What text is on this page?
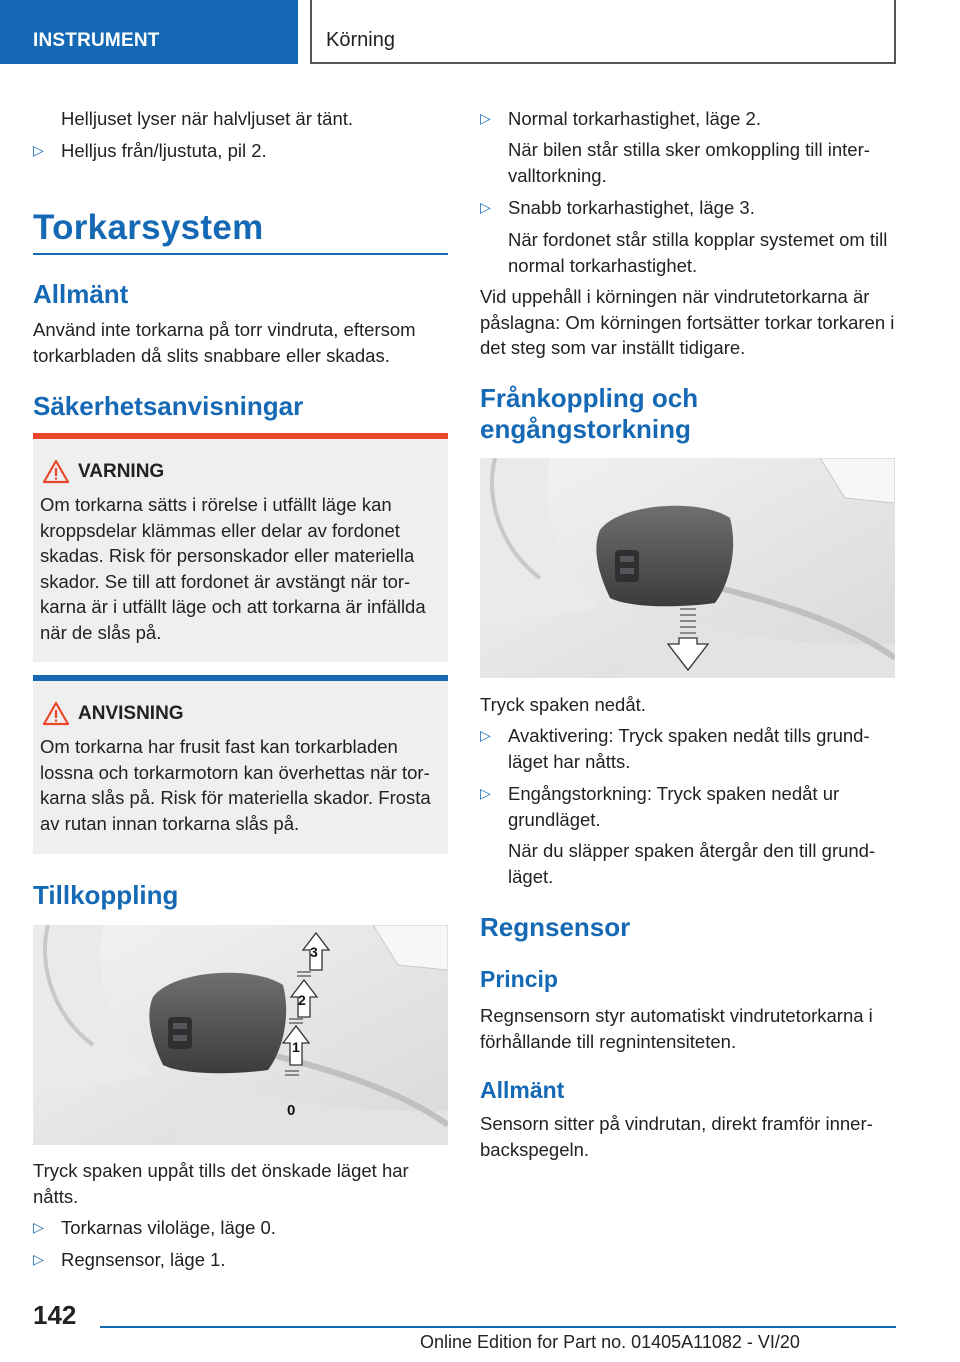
INSTRUMENT	Körning

Helljuset lyser när halvljuset är tänt.

▷ Helljus från/ljustuta, pil 2.
Torkarsystem
Allmänt

Använd inte torkarna på torr vindruta, eftersom torkarbladen då slits snabbare eller skadas.

Säkerhetsanvisningar
VARNING
Om torkarna sätts i rörelse i utfällt läge kan kroppsdelar klämmas eller delar av fordonet skadas. Risk för personskador eller materiella skador. Se till att fordonet är avstängt när torkarna är i utfällt läge och att torkarna är infällda när de slås på.
ANVISNING
Om torkarna har frusit fast kan torkarbladen lossna och torkarmotorn kan överhettas när torkarna slås på. Risk för materiella skador. Frosta av rutan innan torkarna slås på.
Tillkoppling
3
2
1
0

Tryck spaken uppåt tills det önskade läget har nåtts.

▷ Torkarnas viloläge, läge 0.
▷ Regnsensor, läge 1.
▷ Normal torkarhastighet, läge 2.

När bilen står stilla sker omkoppling till intervalltorkning.

▷ Snabb torkarhastighet, läge 3.

När fordonet står stilla kopplar systemet om till normal torkarhastighet.

Vid uppehåll i körningen när vindrutetorkarna är påslagna: Om körningen fortsätter torkar torkaren i det steg som var inställt tidigare.

Frånkoppling och engångstorkning

Tryck spaken nedåt.

▷ Avaktivering: Tryck spaken nedåt tills grundläget har nåtts.
▷ Engångstorkning: Tryck spaken nedåt ur grundläget.

När du släpper spaken återgår den till grundläget.

Regnsensor
Princip

Regnsensorn styr automatiskt vindrutetorkarna i förhållande till regnintensiteten.

Allmänt

Sensorn sitter på vindrutan, direkt framför innerbackspegeln.

142
Online Edition for Part no. 01405A11082 - VI/20
